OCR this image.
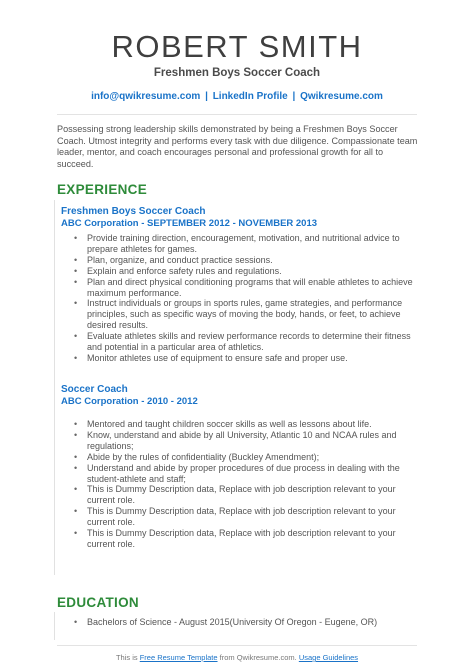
ROBERT SMITH
Freshmen Boys Soccer Coach
info@qwikresume.com | LinkedIn Profile | Qwikresume.com
Possessing strong leadership skills demonstrated by being a Freshmen Boys Soccer Coach. Utmost integrity and performs every task with due diligence. Compassionate team leader, mentor, and coach encourages personal and professional growth for all to succeed.
EXPERIENCE
Freshmen Boys Soccer Coach
ABC Corporation - SEPTEMBER 2012 - NOVEMBER 2013
• Provide training direction, encouragement, motivation, and nutritional advice to prepare athletes for games.
• Plan, organize, and conduct practice sessions.
• Explain and enforce safety rules and regulations.
• Plan and direct physical conditioning programs that will enable athletes to achieve maximum performance.
• Instruct individuals or groups in sports rules, game strategies, and performance principles, such as specific ways of moving the body, hands, or feet, to achieve desired results.
• Evaluate athletes skills and review performance records to determine their fitness and potential in a particular area of athletics.
• Monitor athletes use of equipment to ensure safe and proper use.
Soccer Coach
ABC Corporation - 2010 - 2012
• Mentored and taught children soccer skills as well as lessons about life.
• Know, understand and abide by all University, Atlantic 10 and NCAA rules and regulations;
• Abide by the rules of confidentiality (Buckley Amendment);
• Understand and abide by proper procedures of due process in dealing with the student-athlete and staff;
• This is Dummy Description data, Replace with job description relevant to your current role.
• This is Dummy Description data, Replace with job description relevant to your current role.
• This is Dummy Description data, Replace with job description relevant to your current role.
EDUCATION
• Bachelors of Science - August 2015(University Of Oregon - Eugene, OR)
This is Free Resume Template from Qwikresume.com. Usage Guidelines
